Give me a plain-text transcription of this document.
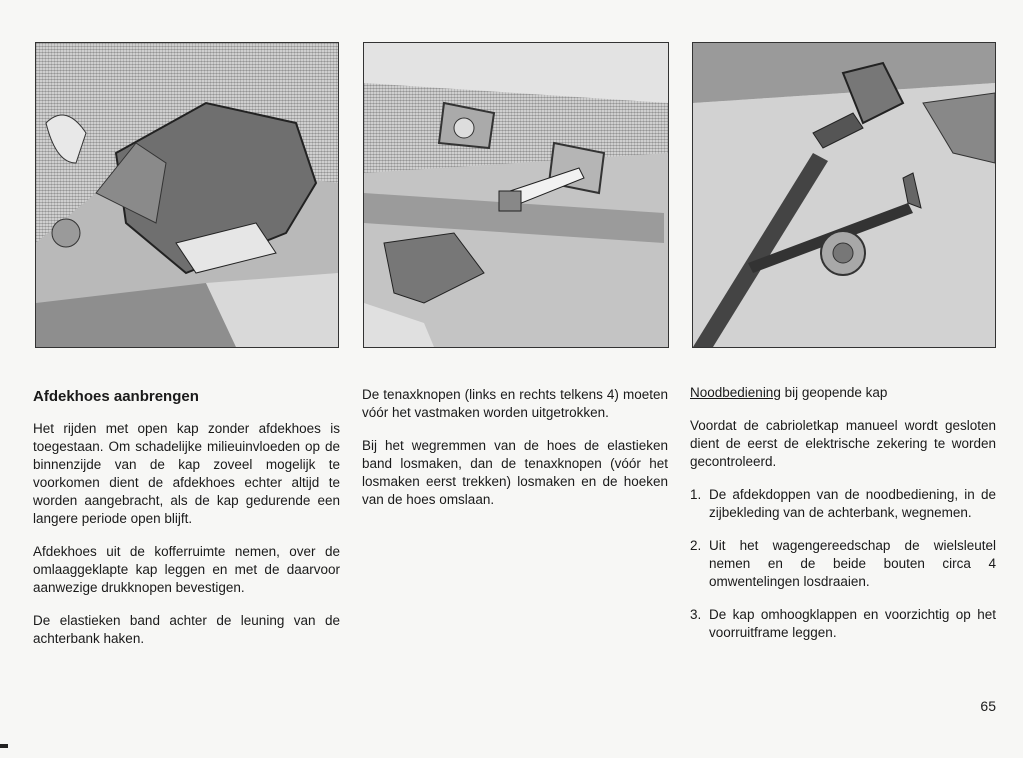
Afdekhoes aanbrengen

Het rijden met open kap zonder afdekhoes is toegestaan. Om schadelijke milieuinvloeden op de binnenzijde van de kap zoveel mogelijk te voorkomen dient de afdekhoes echter altijd te worden aangebracht, als de kap gedurende een langere periode open blijft.

Afdekhoes uit de kofferruimte nemen, over de omlaaggeklapte kap leggen en met de daarvoor aanwezige drukknopen bevestigen.

De elastieken band achter de leuning van de achterbank haken.

De tenaxknopen (links en rechts telkens 4) moeten vóór het vastmaken worden uitgetrokken.

Bij het wegremmen van de hoes de elastieken band losmaken, dan de tenaxknopen (vóór het losmaken eerst trekken) losmaken en de hoeken van de hoes omslaan.

Noodbediening bij geopende kap

Voordat de cabrioletkap manueel wordt gesloten dient de eerst de elektrische zekering te worden gecontroleerd.

1. De afdekdoppen van de noodbediening, in de zijbekleding van de achterbank, wegnemen.
2. Uit het wagengereedschap de wielsleutel nemen en de beide bouten circa 4 omwentelingen losdraaien.
3. De kap omhoogklappen en voorzichtig op het voorruitframe leggen.
65
